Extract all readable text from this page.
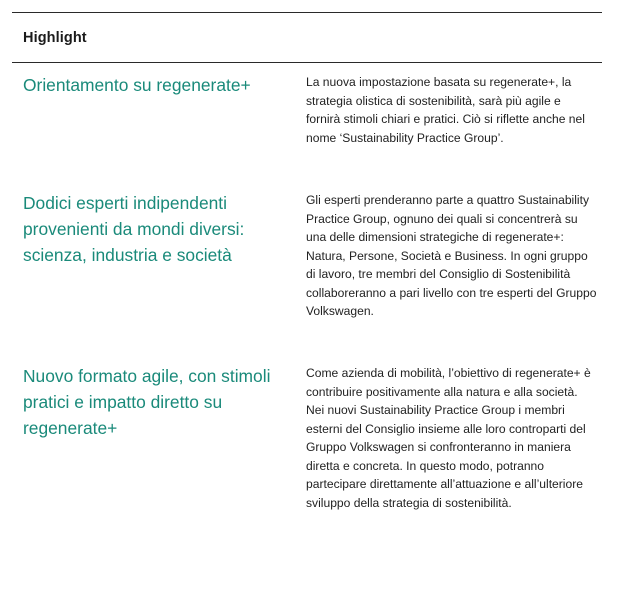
Highlight
Orientamento su regenerate+	La nuova impostazione basata su regenerate+, la strategia olistica di sostenibilità, sarà più agile e fornirà stimoli chiari e pratici. Ciò si riflette anche nel nome ‘Sustainability Practice Group’.
Dodici esperti indipendenti provenienti da mondi diversi: scienza, industria e società
Gli esperti prenderanno parte a quattro Sustainability Practice Group, ognuno dei quali si concentrerà su una delle dimensioni strategiche di regenerate+: Natura, Persone, Società e Business. In ogni gruppo di lavoro, tre membri del Consiglio di Sostenibilità collaboreranno a pari livello con tre esperti del Gruppo Volkswagen.
Nuovo formato agile, con stimoli pratici e impatto diretto su regenerate+
Come azienda di mobilità, l’obiettivo di regenerate+ è contribuire positivamente alla natura e alla società. Nei nuovi Sustainability Practice Group i membri esterni del Consiglio insieme alle loro controparti del Gruppo Volkswagen si confronteranno in maniera diretta e concreta. In questo modo, potranno partecipare direttamente all’attuazione e all’ulteriore sviluppo della strategia di sostenibilità.
